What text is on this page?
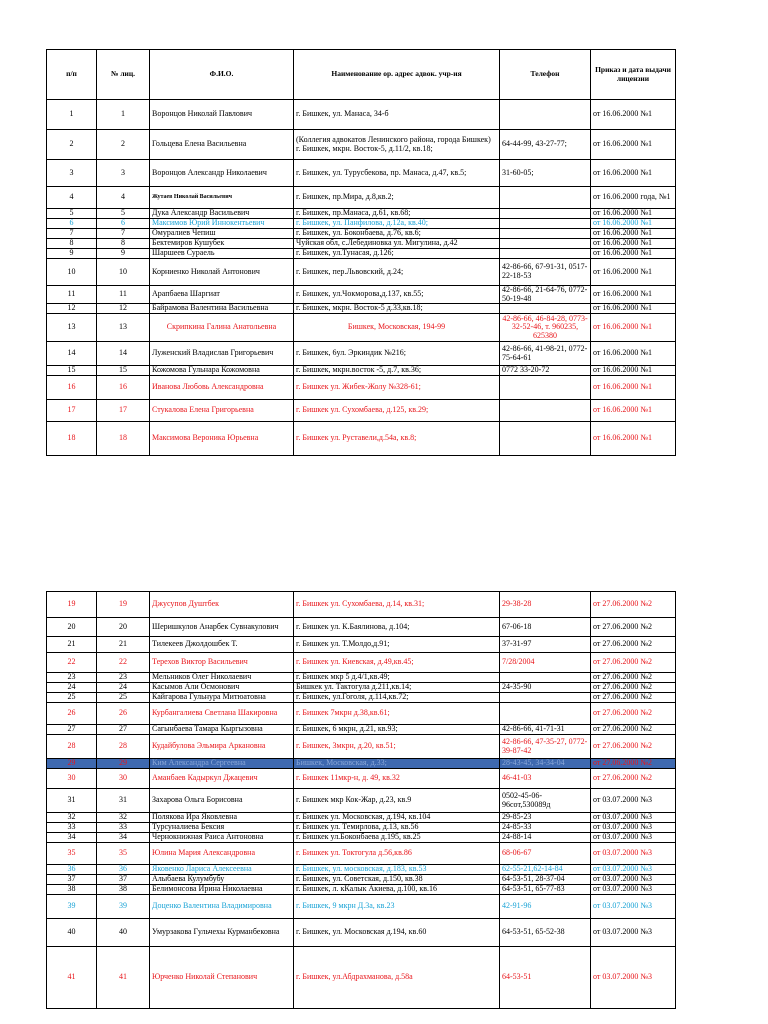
п/п	№ лиц.	Ф.И.О.	Наименование ор. адрес адвок. учр-ия	Телефон	Приказ и дата выдачи лицензии
1	1	Воронцов Николай Павлович	г. Бишкек, ул. Манаса, 34-б		от 16.06.2000 №1
2	2	Гольцева Елена Васильевна	(Коллегия адвокатов Ленинского района, города Бишкек) г. Бишкек, мкрн. Восток-5, д.11/2, кв.18;	64-44-99, 43-27-77;	от 16.06.2000 №1
3	3	Воронцов Александр Николаевич	г. Бишкек, ул. Турусбекова, пр. Манаса, д.47, кв.5;	31-60-05;	от 16.06.2000 №1
4	4	Жутаев Николай Васильевич	г. Бишкек, пр.Мира, д.8,кв.2;		от 16.06.2000 года, №1
5	5	Дука Александр Васильевич	г. Бишкек, пр.Манаса, д.61, кв.68;		от 16.06.2000 №1
6	6	Максимов Юрий Иннокентьевич	г. Бишкек, ул. Панфилова, д.12а, кв.40;		от 16.06.2000 №1
7	7	Омуралиев Чепиш	г. Бишкек, ул. Боконбаева, д.76, кв.6;		от 16.06.2000 №1
8	8	Бектемиров Кушубек	Чуйская обл, с.Лебединовка ул. Мигулина, д.42		от 16.06.2000 №1
9	9	Шаршеев Сураель	г. Бишкек, ул.Тунасая, д.126;		от 16.06.2000 №1
10	10	Корниенко Николай Антонович	г. Бишкек, пер.Львовский, д.24;	42-86-66, 67-91-31, 0517-22-18-53	от 16.06.2000 №1
11	11	Арапбаева Шаргиат	г. Бишкек, ул.Чокморова,д.137, кв.55;	42-86-66, 21-64-76, 0772-50-19-48	от 16.06.2000 №1
12	12	Байрамова Валентина Васильевна	г. Бишкек, мкрн. Восток-5 д.33,кв.18;		от 16.06.2000 №1
13	13	Скрипкина Галина Анатольевна	Бишкек, Московская, 194-99	42-86-66, 46-84-28, 0773-32-52-46, т. 960235, 625380	от 16.06.2000 №1
14	14	Луженский Владислав Григорьевич	г. Бишкек, 6ул. Эркиндик №216;	42-86-66, 41-98-21, 0772-75-64-61	от 16.06.2000 №1
15	15	Кожомова Гульнара Кожомовна	г. Бишкек, мкрн.восток -5, д.7, кв.36;	0772 33-20-72	от 16.06.2000 №1
16	16	Иванова Любовь Александровна	г. Бишкек ул. Жибек-Жолу №328-61;		от 16.06.2000 №1
17	17	Стукалова Елена Григорьевна	г. Бишкек ул. Сухомбаева, д.125, кв.29;		от 16.06.2000 №1
18	18	Максимова Вероника Юрьевна	г. Бишкек ул. Руставели,д.54а, кв.8;		от 16.06.2000 №1
19	19	Джусупов Душтбек	г. Бишкек ул. Сухомбаева, д.14, кв.31;	29-38-28	от 27.06.2000 №2
20	20	Шеришкулов Анарбек Сувнакулович	г. Бишкек ул. К.Баялинова, д.104;	67-06-18	от 27.06.2000 №2
21	21	Тилекеев Джолдошбек Т.	г. Бишкек ул. Т.Молдо,д.91;	37-31-97	от 27.06.2000 №2
22	22	Терехов Виктор Васильевич	г. Бишкек ул. Киевская, д.49,кв.45;	7/28/2004	от 27.06.2000 №2
23	23	Мельников Олег Николаевич	г. Бишкек мкр 5 д.4/1,кв.49;		от 27.06.2000 №2
24	24	Касымов Али Осмонович	Бишкек ул. Тактогула д.211,кв.14;	24-35-90	от 27.06.2000 №2
25	25	Кайгарова Гульнура Митюатовна	г. Бишкек, ул.Гоголя, д.114,кв.72;		от 27.06.2000 №2
26	26	Курбангалиева Светлана Шакировна	г. Бишкек 7мкрн д.38,кв.61;		от 27.06.2000 №2
27	27	Сагынбаева Тамара Кыргызовна	г. Бишкек, 6 мкрн, д.21, кв.93;	42-86-66, 41-71-31	от 27.06.2000 №2
28	28	Кудайбулова Эльмира Аркановна	г. Бишкек, 3мкрн, д.20, кв.51;	42-86-66, 47-35-27, 0772-39-87-42	от 27.06.2000 №2
29	29	Ким Александра Сергеевна	Бишкек, Московская, д.33;	28-43-45, 34-34-04	от 27.06.2000 №2
30	30	Аманбаев Кадыркул Джацевич	г. Бишкек 11мкр-н, д. 49, кв.32	46-41-03	от 27.06.2000 №2
31	31	Захарова Ольга Борисовна	г. Бишкек мкр Кок-Жар, д.23, кв.9	0502-45-06-96сот,530089д	от 03.07.2000 №3
32	32	Полякова Ира Яковлевна	г. Бишкек ул. Московская, д.194, кв.104	29-85-23	от 03.07.2000 №3
33	33	Турсуналиева Бексия	г. Бишкек ул. Темирлова, д.13, кв.56	24-85-33	от 03.07.2000 №3
34	34	Чернокнижная Раиса Антоновна	г. Бишкек ул.Боконбаева д.195, кв.25	24-88-14	от 03.07.2000 №3
35	35	Юлина Мария Александровна	г. Бишкек ул. Токтогула д.56,кв.86	68-06-67	от 03.07.2000 №3
36	36	Яковенко Лариса Алексеевна	г. Бишкек, ул. московская, д.183, кв.53	62-55-21,62-14-84	от 03.07.2000 №3
37	37	Алыбаева Кулумбубу	г. Бишкек, ул. Советская, д.150, кв.38	64-53-51, 28-37-04	от 03.07.2000 №3
38	38	Белимонсова Ирина Николаевна	г. Бишкек, л. кКалык Акиева, д.100, кв.16	64-53-51, 65-77-83	от 03.07.2000 №3
39	39	Доценко Валентина Владимировна	г. Бишкек, 9 мкрн Д.3а, кв.23	42-91-96	от 03.07.2000 №3
40	40	Умурзакова Гульчехы Курманбековна	г. Бишкек, ул. Московская д.194, кв.60	64-53-51, 65-52-38	от 03.07.2000 №3
41	41	Юрченко Николай Степанович	г. Бишкек, ул.Абдрахманова, д.58а	64-53-51	от 03.07.2000 №3
